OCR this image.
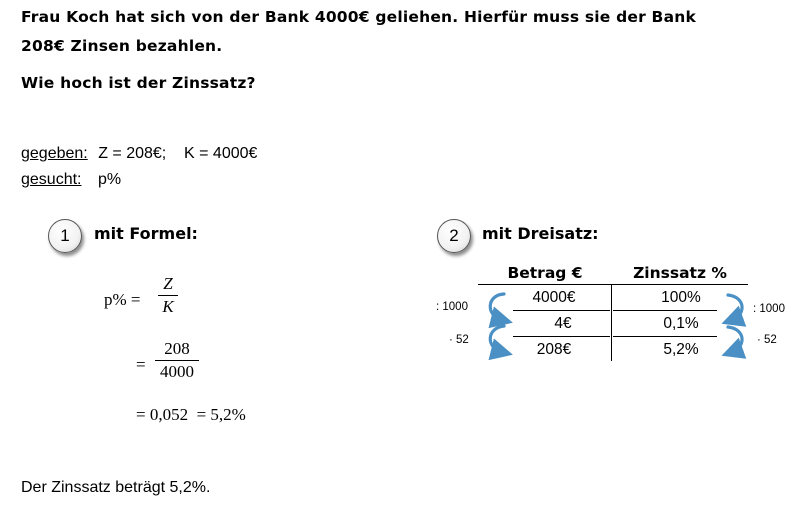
Frau Koch hat sich von der Bank 4000€ geliehen. Hierfür muss sie der Bank
208€ Zinsen bezahlen.
Wie hoch ist der Zinssatz?
gegeben: Z = 208€;    K = 4000€
gesucht: p%
1	mit Formel:
p% =
Z
K
=
208
4000
= 0,052  = 5,2%
2	mit Dreisatz:
Betrag €	Zinssatz %
4000€	100%
4€	0,1%
208€	5,2%
: 1000
· 52
: 1000
· 52
Der Zinssatz beträgt 5,2%.
